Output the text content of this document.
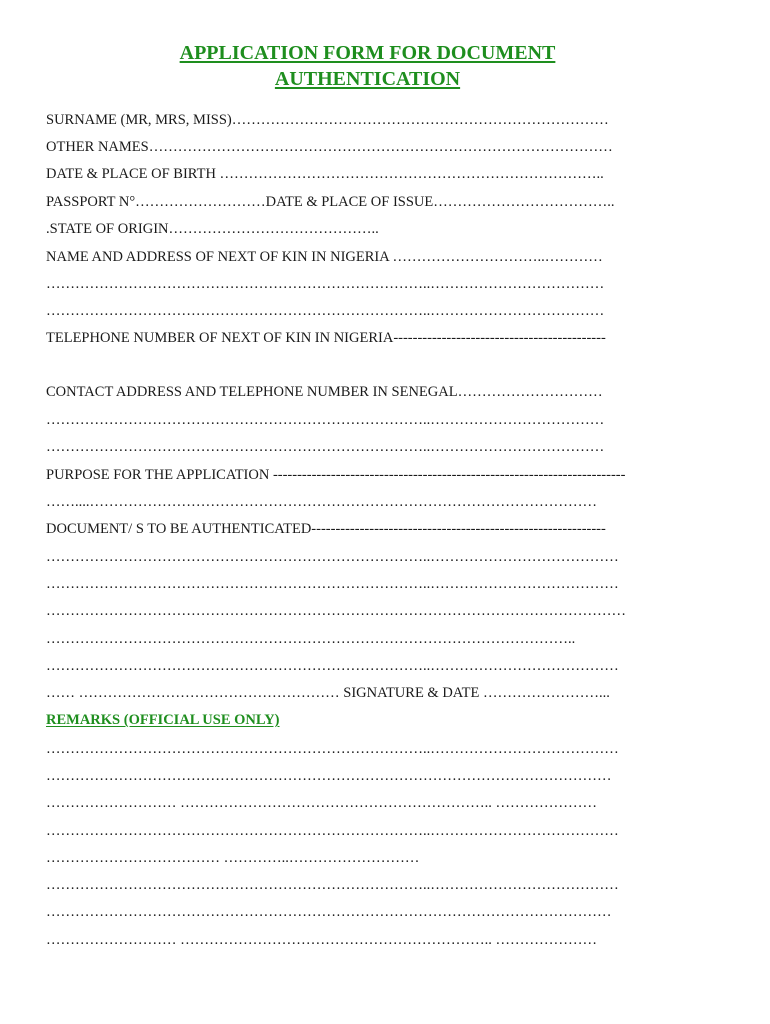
APPLICATION FORM FOR DOCUMENT
AUTHENTICATION
SURNAME (MR, MRS, MISS)……………………………………………………………………
OTHER NAMES……………………………………………………………………………………
DATE & PLACE OF BIRTH ……………………………………………………………………..
PASSPORT N°………………………DATE & PLACE OF ISSUE………………………………..
.STATE OF ORIGIN……………………………………..
NAME AND ADDRESS OF NEXT OF KIN IN NIGERIA …………………………..…………
……………………………………………………………………..………………………………
……………………………………………………………………..………………………………
TELEPHONE NUMBER OF NEXT OF KIN IN NIGERIA--------------------------------------------
CONTACT ADDRESS AND TELEPHONE NUMBER IN SENEGAL…………………………
……………………………………………………………………..………………………………
……………………………………………………………………..………………………………
PURPOSE FOR THE APPLICATION -------------------------------------------------------------------------
……....……………………………………………………………………………………………
DOCUMENT/ S TO BE AUTHENTICATED-------------------------------------------------------------
……………………………………………………………………..…………………………………
……………………………………………………………………..…………………………………
…………………………………………………………………………………………………………
………………………………………………………………………………………………..
……………………………………………………………………..…………………………………
…… ……………………………………………… SIGNATURE & DATE ……………………...
REMARKS (OFFICIAL USE ONLY)
……………………………………………………………………..…………………………………
………………………………………………………………………………………………………
……………………… ……………………………………………………….. …………………
……………………………………………………………………..…………………………………
……………………………… …………..………………………
……………………………………………………………………..…………………………………
………………………………………………………………………………………………………
……………………… ……………………………………………………….. …………………
